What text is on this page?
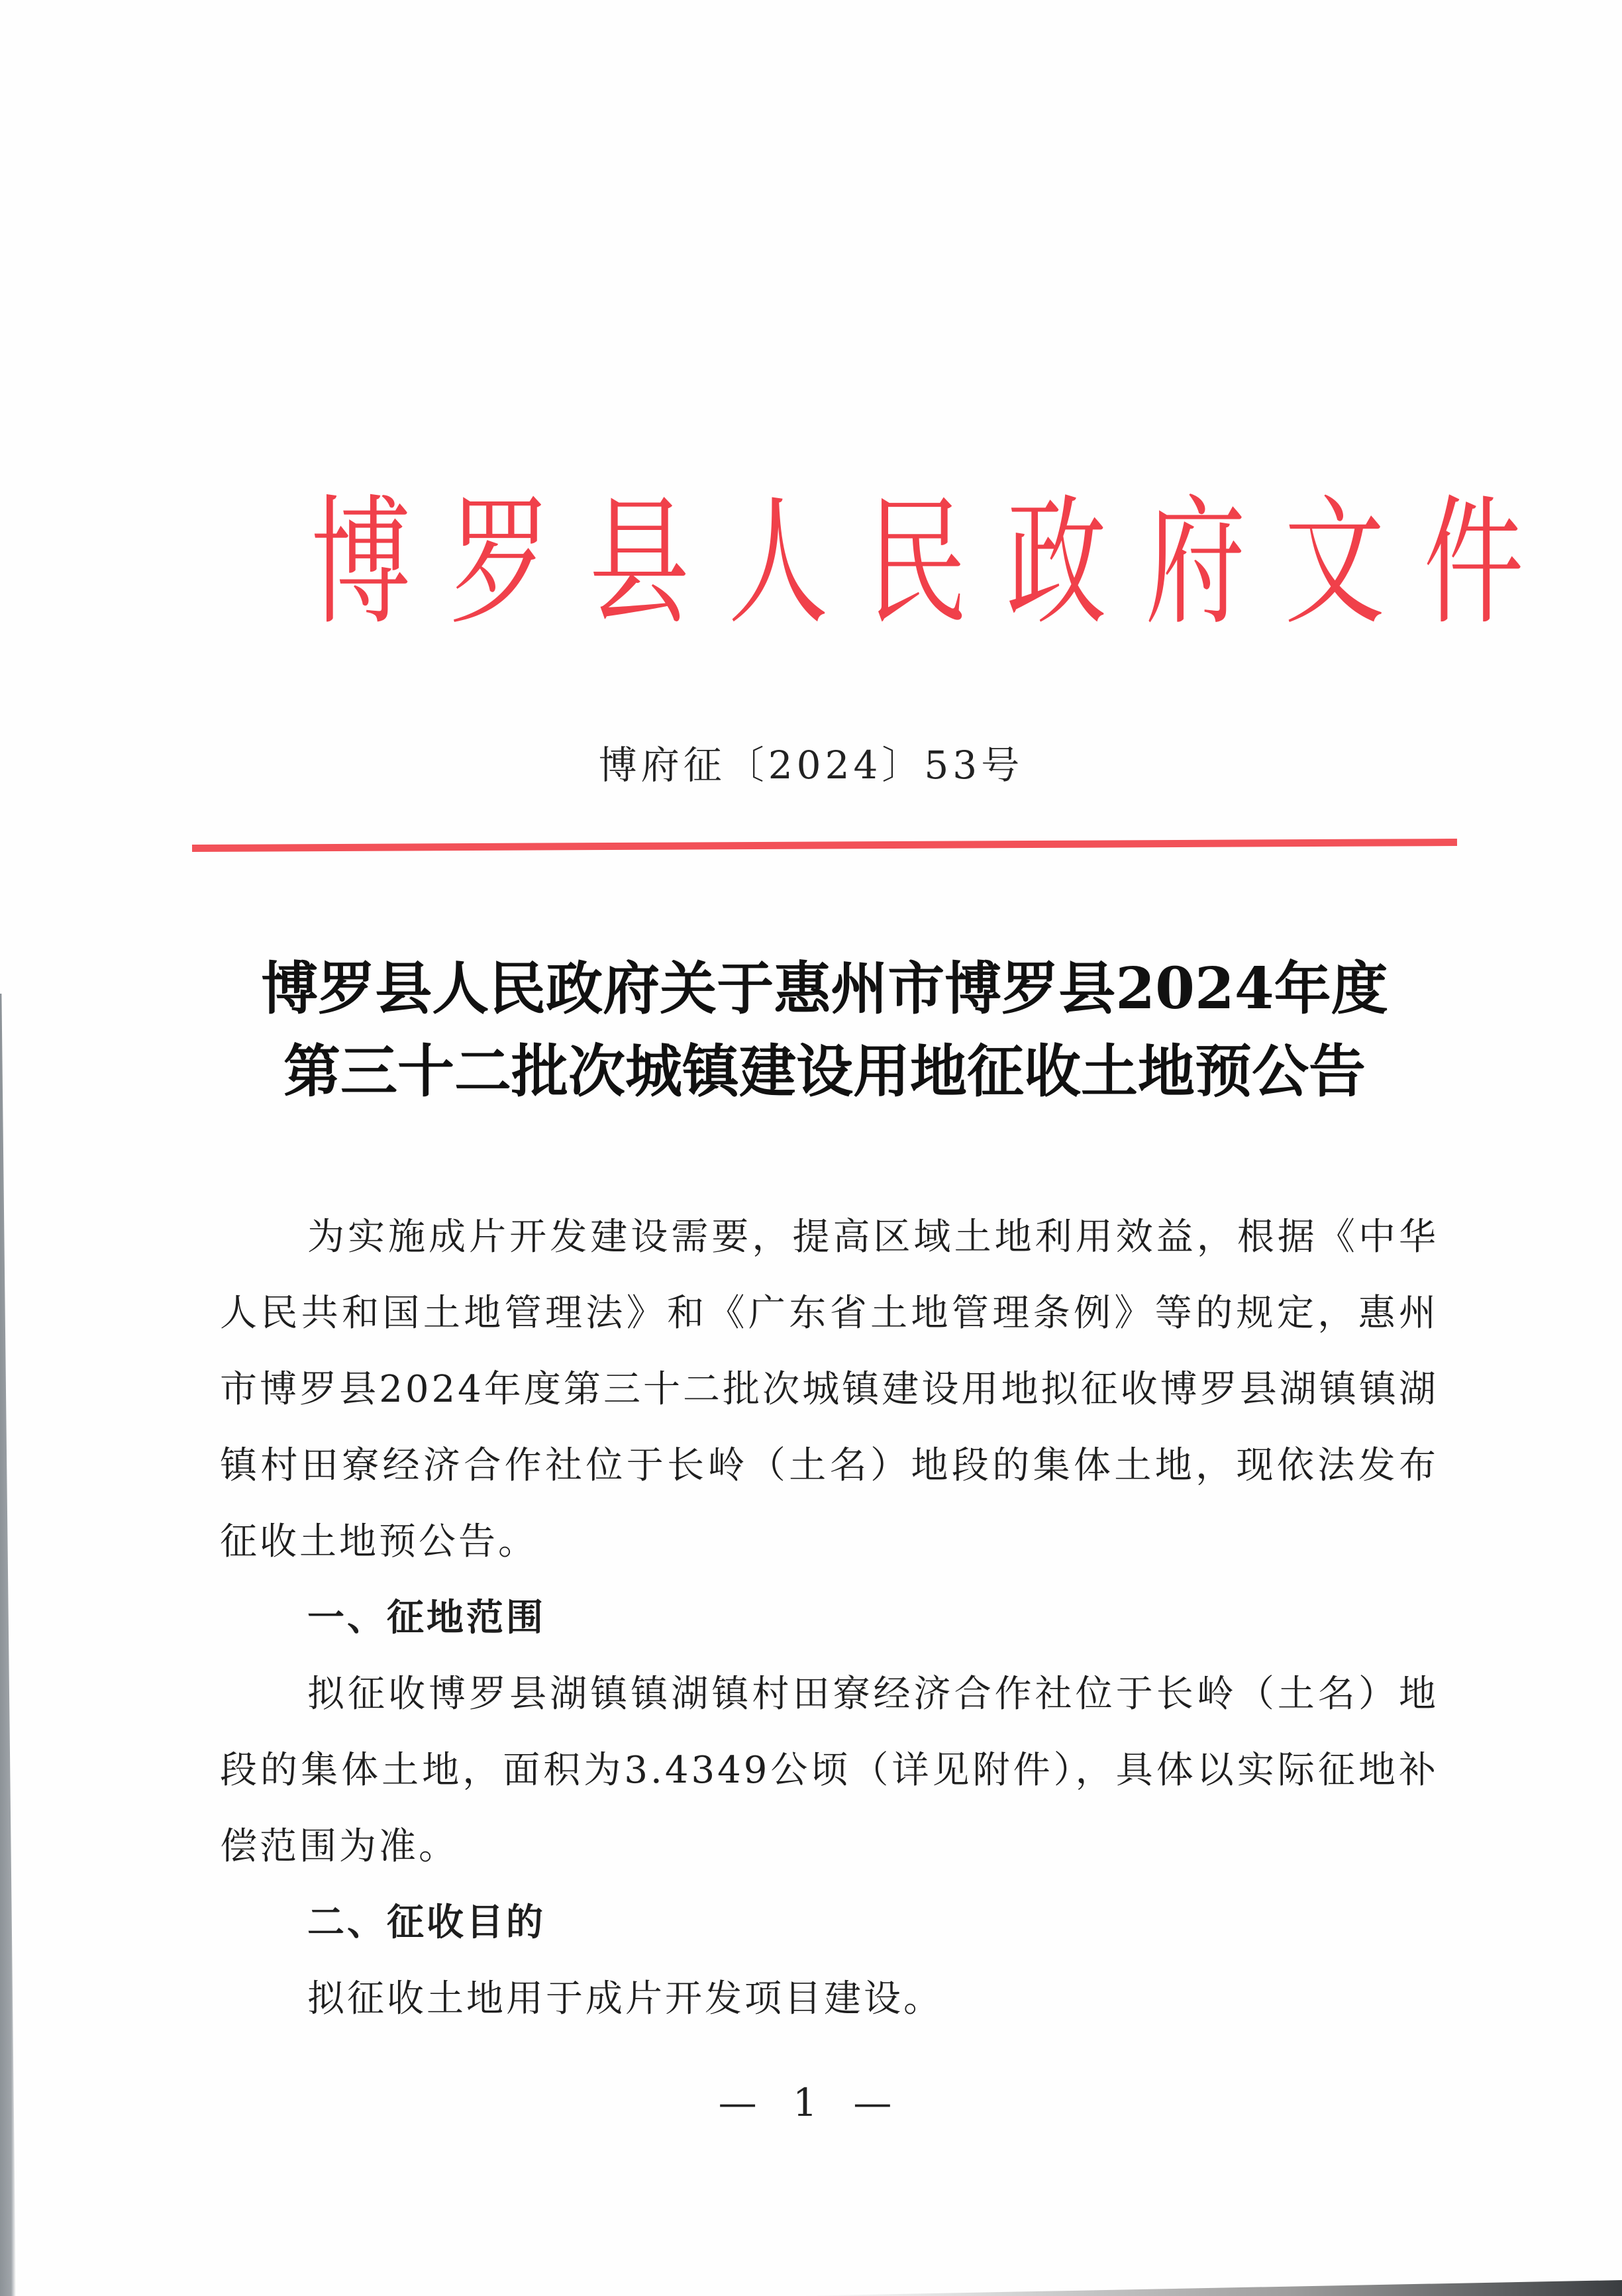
博 罗 县 人 民 政 府 文 件
博府征〔2024〕53号
博罗县人民政府关于惠州市博罗县2024年度
第三十二批次城镇建设用地征收土地预公告

为实施成片开发建设需要，提高区域土地利用效益，根据《中华人民共和国土地管理法》和《广东省土地管理条例》等的规定，惠州市博罗县2024年度第三十二批次城镇建设用地拟征收博罗县湖镇镇湖镇村田寮经济合作社位于长岭（土名）地段的集体土地，现依法发布征收土地预公告。

一、征地范围

拟征收博罗县湖镇镇湖镇村田寮经济合作社位于长岭（土名）地段的集体土地，面积为3.4349公顷（详见附件），具体以实际征地补偿范围为准。

二、征收目的

拟征收土地用于成片开发项目建设。

— 1 —
